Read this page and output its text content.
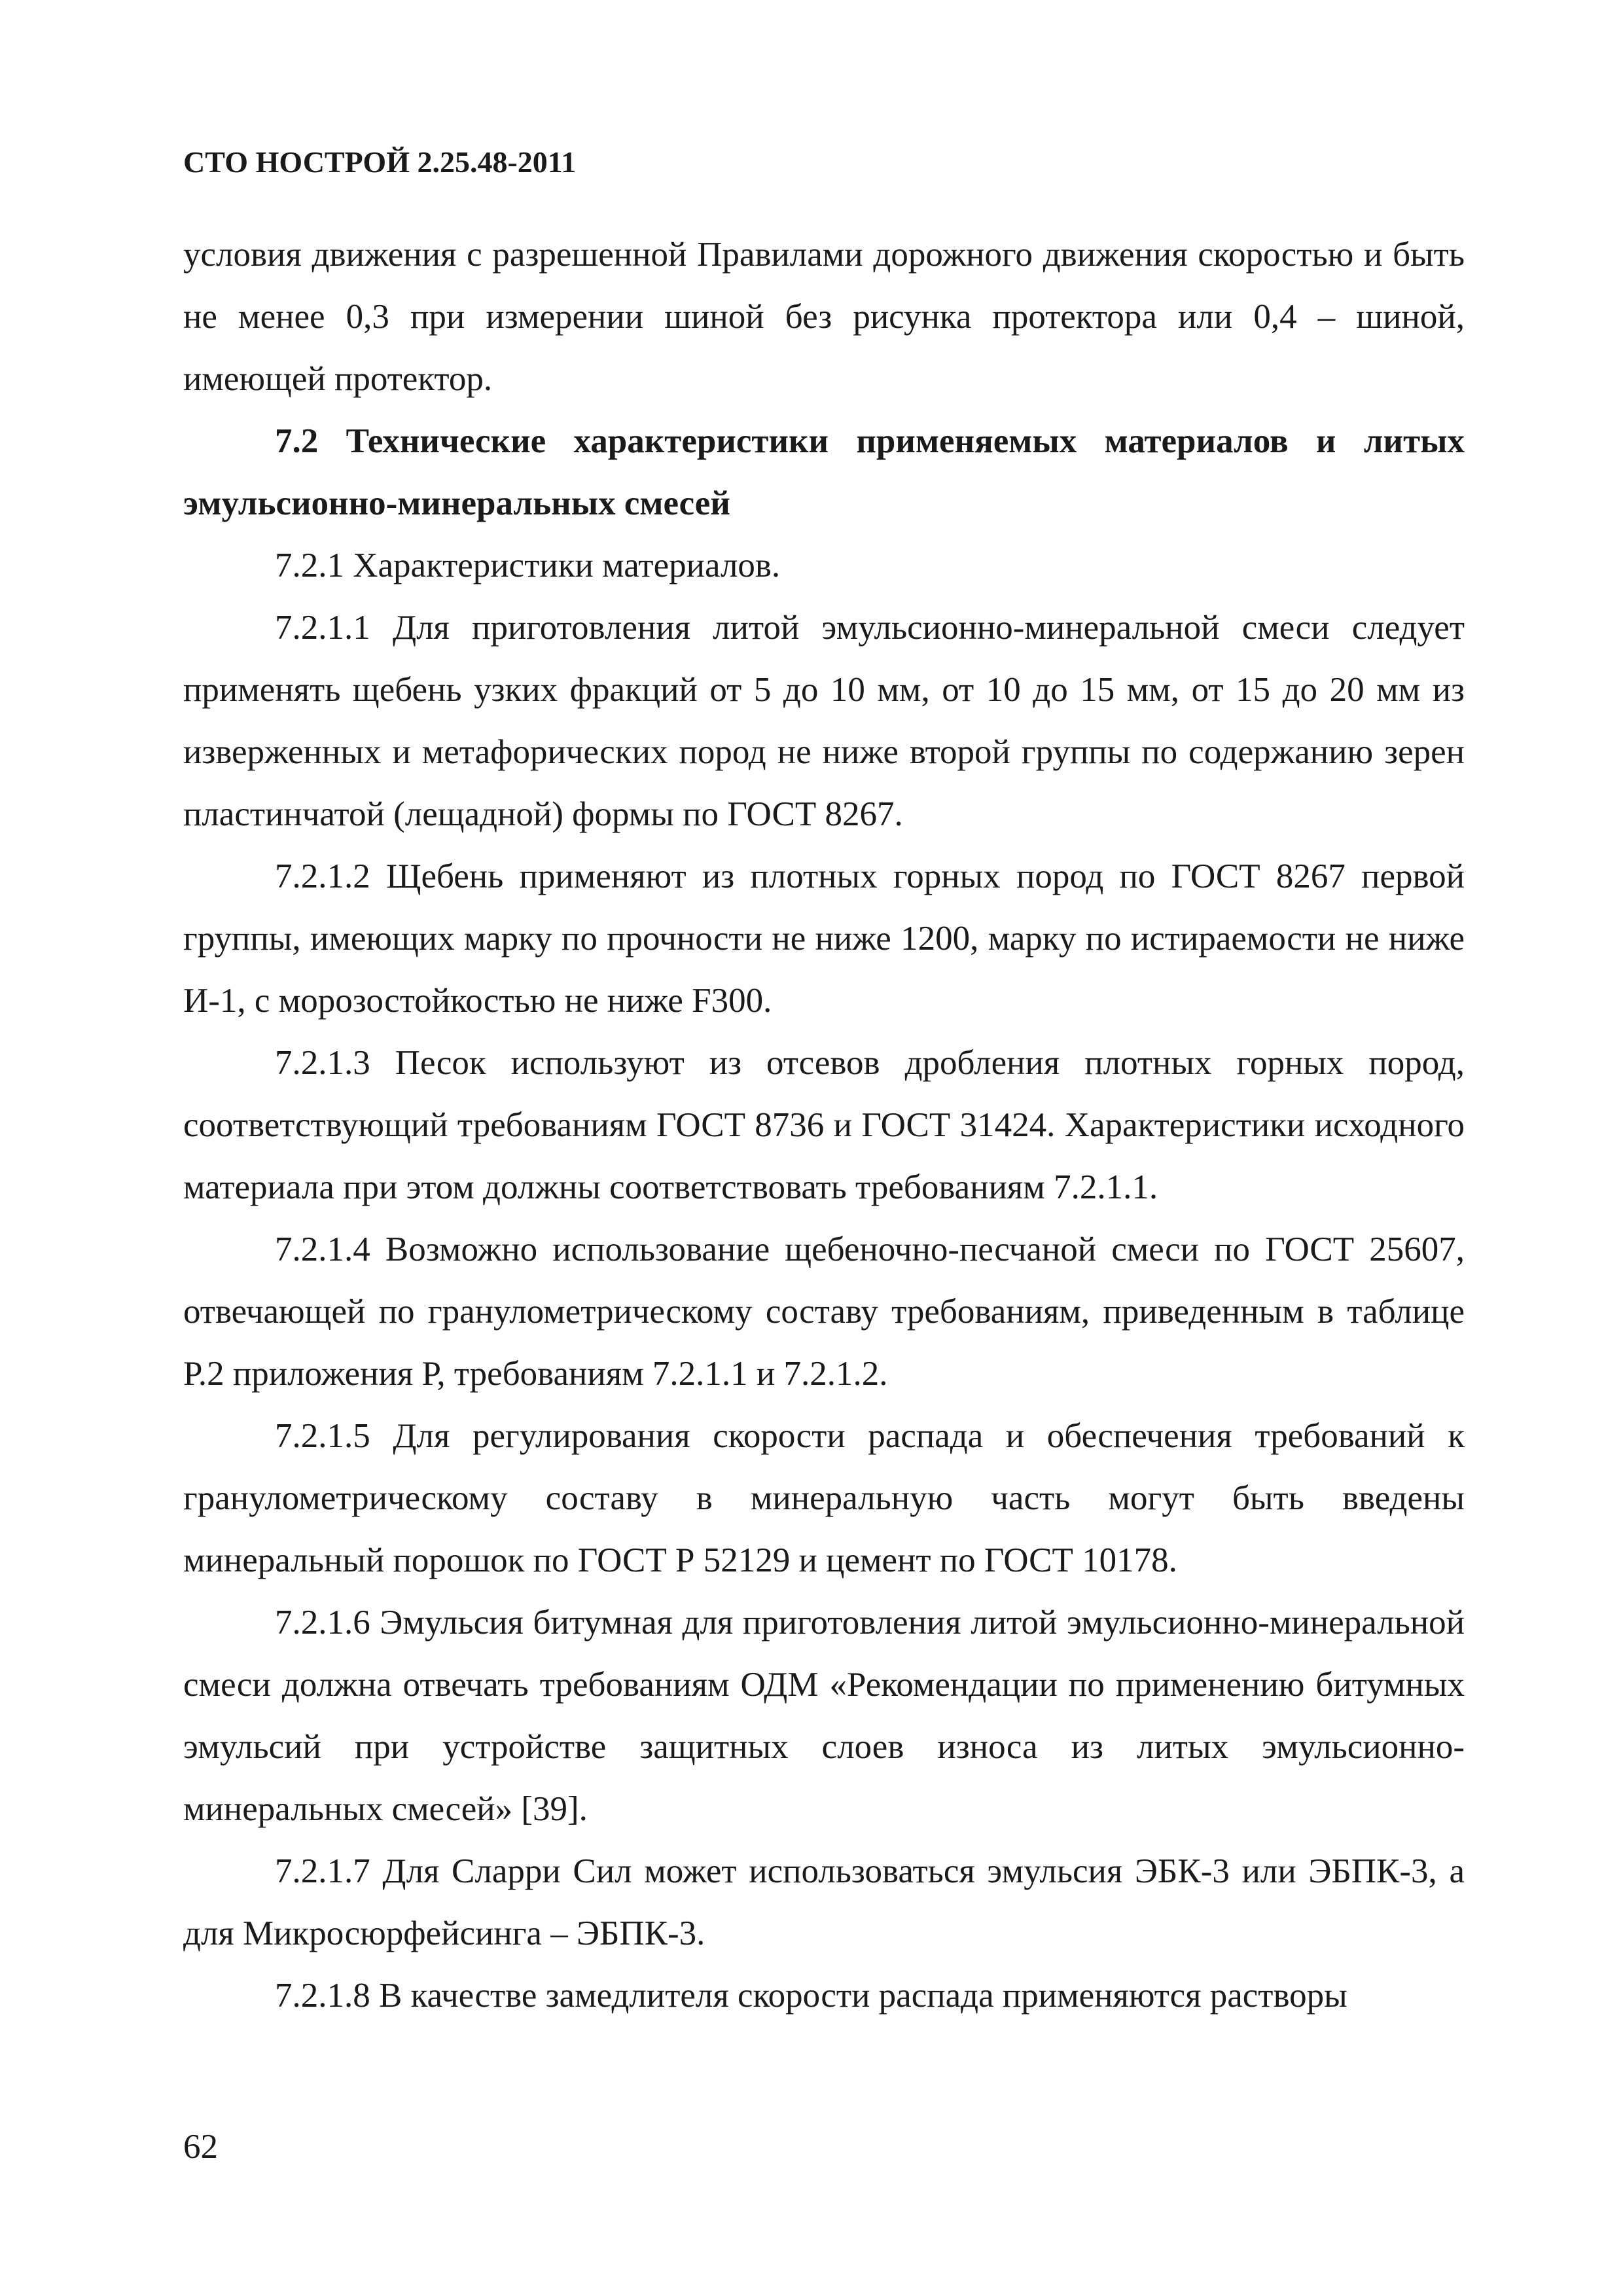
СТО НОСТРОЙ 2.25.48-2011

условия движения с разрешенной Правилами дорожного движения скоростью и быть не менее 0,3 при измерении шиной без рисунка протектора или 0,4 – шиной, имеющей протектор.

7.2 Технические характеристики применяемых материалов и литых эмульсионно-минеральных смесей

7.2.1 Характеристики материалов.

7.2.1.1 Для приготовления литой эмульсионно-минеральной смеси следует применять щебень узких фракций от 5 до 10 мм, от 10 до 15 мм, от 15 до 20 мм из изверженных и метафорических пород не ниже второй группы по содержанию зерен пластинчатой (лещадной) формы по ГОСТ 8267.

7.2.1.2 Щебень применяют из плотных горных пород по ГОСТ 8267 первой группы, имеющих марку по прочности не ниже 1200, марку по истираемости не ниже И-1, с морозостойкостью не ниже F300.

7.2.1.3 Песок используют из отсевов дробления плотных горных пород, соответствующий требованиям ГОСТ 8736 и ГОСТ 31424. Характеристики исходного материала при этом должны соответствовать требованиям 7.2.1.1.

7.2.1.4 Возможно использование щебеночно-песчаной смеси по ГОСТ 25607, отвечающей по гранулометрическому составу требованиям, приведенным в таблице Р.2 приложения Р, требованиям 7.2.1.1 и 7.2.1.2.

7.2.1.5 Для регулирования скорости распада и обеспечения требований к гранулометрическому составу в минеральную часть могут быть введены минеральный порошок по ГОСТ Р 52129 и цемент по ГОСТ 10178.

7.2.1.6 Эмульсия битумная для приготовления литой эмульсионно-минеральной смеси должна отвечать требованиям ОДМ «Рекомендации по применению битумных эмульсий при устройстве защитных слоев износа из литых эмульсионно-минеральных смесей» [39].

7.2.1.7 Для Сларри Сил может использоваться эмульсия ЭБК-3 или ЭБПК-3, а для Микросюрфейсинга – ЭБПК-3.

7.2.1.8 В качестве замедлителя скорости распада применяются растворы

62
